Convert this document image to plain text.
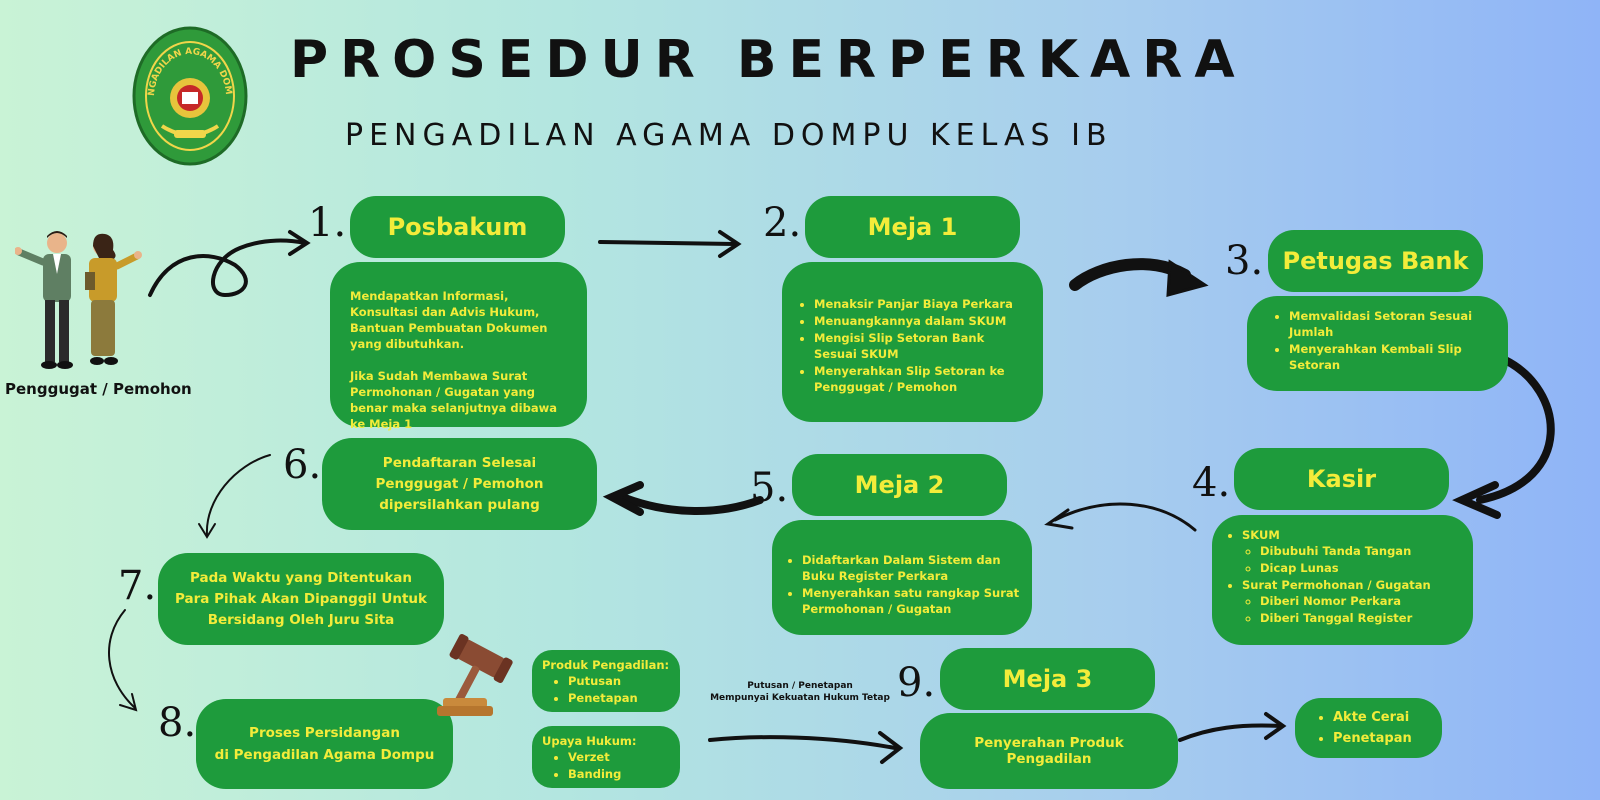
NGADILAN AGAMA DOM
PROSEDUR BERPERKARA
PENGADILAN AGAMA DOMPU KELAS IB
Penggugat / Pemohon
1.	Posbakum
Mendapatkan Informasi, Konsultasi dan Advis Hukum, Bantuan Pembuatan Dokumen yang dibutuhkan.
Jika Sudah Membawa Surat Permohonan / Gugatan yang benar maka selanjutnya dibawa ke Meja 1
2.	Meja 1
• Menaksir Panjar Biaya Perkara
• Menuangkannya dalam SKUM
• Mengisi Slip Setoran Bank Sesuai SKUM
• Menyerahkan Slip Setoran ke Penggugat / Pemohon
3. Petugas Bank
• Memvalidasi Setoran Sesuai Jumlah
• Menyerahkan Kembali Slip Setoran
4.	Kasir
• SKUM
◦ Dibubuhi Tanda Tangan
◦ Dicap Lunas
• Surat Permohonan / Gugatan
◦ Diberi Nomor Perkara
◦ Diberi Tanggal Register
5.	Meja 2
• Didaftarkan Dalam Sistem dan Buku Register Perkara
• Menyerahkan satu rangkap Surat Permohonan / Gugatan
6.	Pendaftaran Selesai Penggugat / Pemohon dipersilahkan pulang
7.	Pada Waktu yang Ditentukan Para Pihak Akan Dipanggil Untuk Bersidang Oleh Juru Sita
8.	Proses Persidangan
di Pengadilan Agama Dompu
Produk Pengadilan:
• Putusan
• Penetapan
Upaya Hukum:
• Verzet
• Banding
Putusan / Penetapan
Mempunyai Kekuatan Hukum Tetap 9.	Meja 3
Penyerahan Produk Pengadilan
• Akte Cerai
• Penetapan
